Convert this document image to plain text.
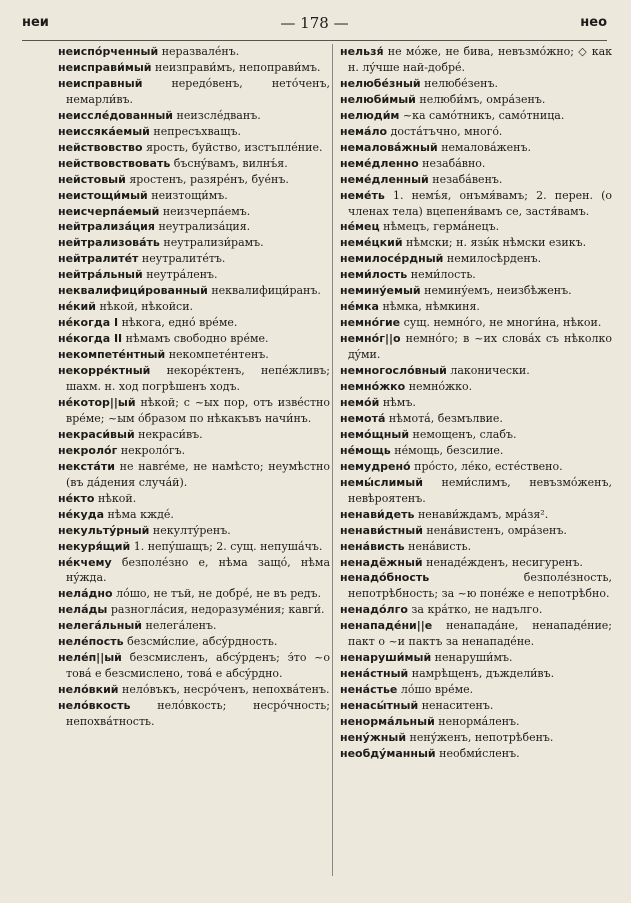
неи	— 178 —	нео

неиспóрченный неразвалéнъ.

неисправи́мый неизправи́мъ, непоправи́мъ.

неисправный	нередóвенъ, нетóченъ, немарли́въ.

неисслéдованный неизслéдванъ.

неиссякáемый непресъхващъ.

нействовство ярость, буйство, изстъплéние.

нействовствовать бъснýвамъ, вилнъ́я.

нейстовый яростенъ, разярéнъ, буéнъ.

неистощи́мый неизтощи́мъ.

неисчерпáемый неизчерпáемъ.

нейтрализáция неутрализáция.

нейтрализовáть неутрализи́рамъ.

нейтралитéт неутралитéтъ.

нейтрáльный неутрáленъ.

неквалифици́рованный неквалифици́ранъ.

нéкий нѣкой, нѣкойси.

нéкогда I нѣкога, еднó врéме.

нéкогда II нѣмамъ свободно врéме.

некомпетéнтный некомпетéнтенъ.

некоррéктный некорéктенъ, непéжливъ; шахм. н. ход погрѣшенъ ходъ.

нéкотор||ый нѣкой; с ~ых пор, отъ извéстно врéме; ~ым óбразом по нѣкакъвъ начи́нъ.

некраси́вый некраси́въ.

некролóг некролóгъ.

некстáти не навréме, не намѣсто; неумѣстно (въ дáдения случáй).

нéкто нѣкой.

нéкуда нѣма кждé.

некультýрный некултýренъ.

некуря́щий 1. непýшащъ; 2. сущ. непушáчъ.

нéкчему безполéзно е, нѣма защó, нѣма нýжда.

нелáдно лóшо, не тъй, не добрé, не въ редъ.

нелáды разноглáсия, недоразумéния; кавги́.

нелегáльный нелегáленъ.

нелéпость безсми́слие, абсýрдность.

нелéп||ый безсмисленъ, абсýрденъ; э́то ~о товá е безсмислено, товá е абсýрдно.

нелóвкий нелóвъкъ, несрóченъ, непохвáтенъ.

нелóвкость нелóвкость; несрóчность; непохвáтность.

нельзя́ не мóже, не бива, невъзмóжно; ◇ как н. лýчше най-добрé.

нелюбéзный нелюбéзенъ.

нелюби́мый нелюби́мъ, омрáзенъ.

нелюди́м ~ка самóтникъ, самóтница.

немáло достáтъчно, многó.

немаловáжный немаловáженъ.

немéдленно незабáвно.

немéдленный незабáвенъ.

неме́ть 1. немъ́я, онъмя́вамъ; 2. перен. (о членах тела) вцепеня́вамъ се, застя́вамъ.

нéмец нѣмецъ, гермáнецъ.

немéцкий нѣмски; н. язы́к нѣмски езикъ.

немилосéрдный немилосѣрденъ.

неми́лость неми́лость.

немину́емый немину́емъ, неизбѣженъ.

нéмка нѣмка, нѣмкиня.

немнóгие сущ. немнóго, не многи́на, нѣкои.

немнóг||о немнóго; в ~их словáх съ нѣколко дýми.

немногослóвный лаконически.

немнóжко немнóжко.

немóй нѣмъ.

немотá нѣмотá, безмълвие.

немóщный немощенъ, слабъ.

нéмощь нéмощь, безсилие.

немудрено́ прóсто, лéко, естéствено.

немы́слимый неми́слимъ, невъзмóженъ, невѣроятенъ.

ненави́деть ненави́ждамъ, мрáзя².

ненави́стный ненáвистенъ, омрáзенъ.

ненáвисть ненáвисть.

ненадёжный ненадéжденъ, несигуренъ.

ненадóбность	безполéзность, непотрѣбность; за ~ю понéже е непотрѣбно.

ненадóлго за крáтко, не надълго.

ненападéни||е ненападáне, ненападéние; пакт о ~и пактъ за ненападéне.

ненаруши́мый ненаруши́мъ.

ненáстный намрѣщенъ, дъждели́въ.

ненáстье лóшо врéме.

ненасы́тный ненаситенъ.

ненормáльный ненормáленъ.

ненýжный ненýженъ, непотрѣбенъ.

необдýманный необми́сленъ.
